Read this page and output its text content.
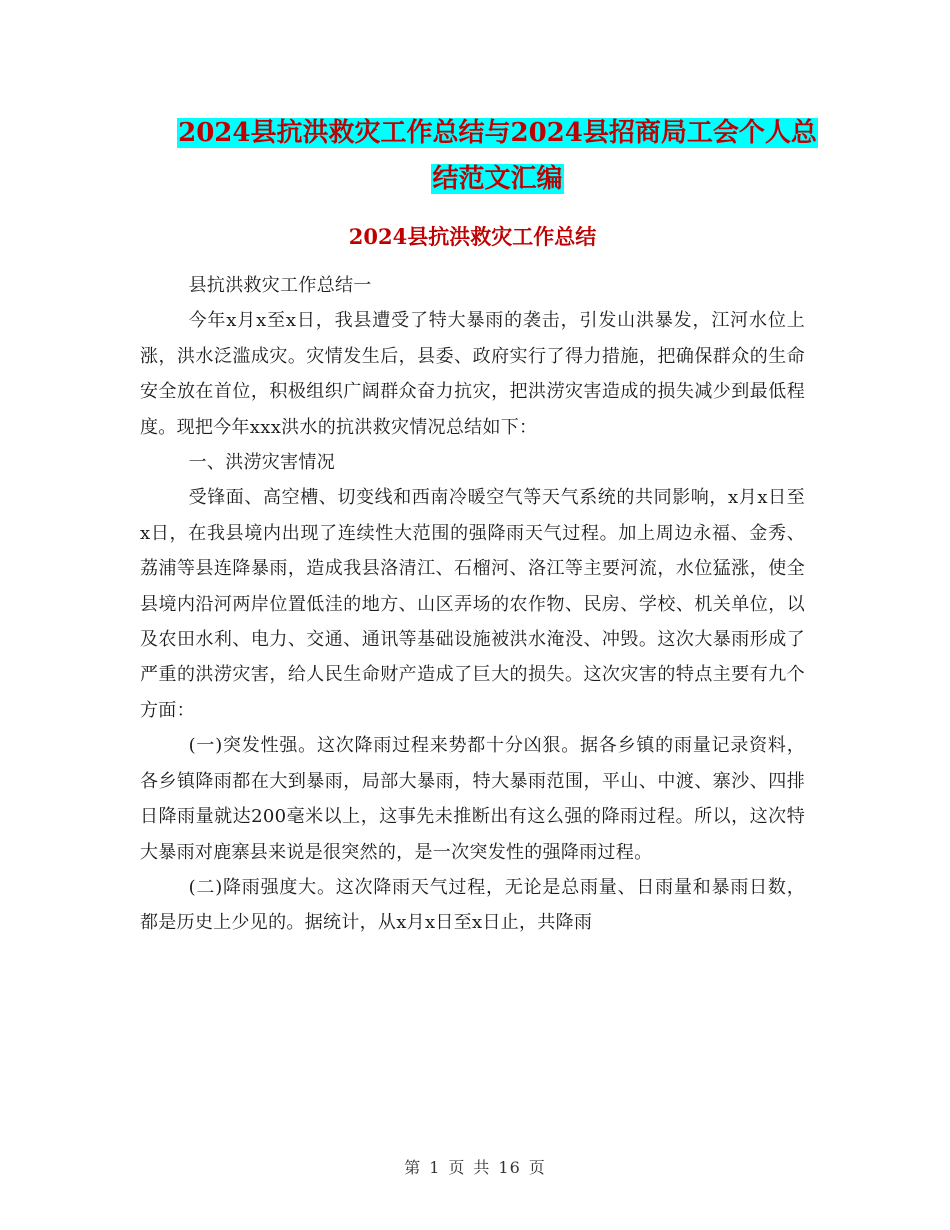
2024县抗洪救灾工作总结与2024县招商局工会个人总
结范文汇编
2024县抗洪救灾工作总结

县抗洪救灾工作总结一

今年x月x至x日，我县遭受了特大暴雨的袭击，引发山洪暴发，江河水位上涨，洪水泛滥成灾。灾情发生后，县委、政府实行了得力措施，把确保群众的生命安全放在首位，积极组织广阔群众奋力抗灾，把洪涝灾害造成的损失减少到最低程度。现把今年xxx洪水的抗洪救灾情况总结如下：

一、洪涝灾害情况

受锋面、高空槽、切变线和西南冷暖空气等天气系统的共同影响，x月x日至x日，在我县境内出现了连续性大范围的强降雨天气过程。加上周边永福、金秀、荔浦等县连降暴雨，造成我县洛清江、石榴河、洛江等主要河流，水位猛涨，使全县境内沿河两岸位置低洼的地方、山区弄场的农作物、民房、学校、机关单位，以及农田水利、电力、交通、通讯等基础设施被洪水淹没、冲毁。这次大暴雨形成了严重的洪涝灾害，给人民生命财产造成了巨大的损失。这次灾害的特点主要有九个方面：

(一)突发性强。这次降雨过程来势都十分凶狠。据各乡镇的雨量记录资料，各乡镇降雨都在大到暴雨，局部大暴雨，特大暴雨范围，平山、中渡、寨沙、四排日降雨量就达200毫米以上，这事先未推断出有这么强的降雨过程。所以，这次特大暴雨对鹿寨县来说是很突然的，是一次突发性的强降雨过程。

(二)降雨强度大。这次降雨天气过程，无论是总雨量、日雨量和暴雨日数，都是历史上少见的。据统计，从x月x日至x日止，共降雨

第 1 页 共 16 页
